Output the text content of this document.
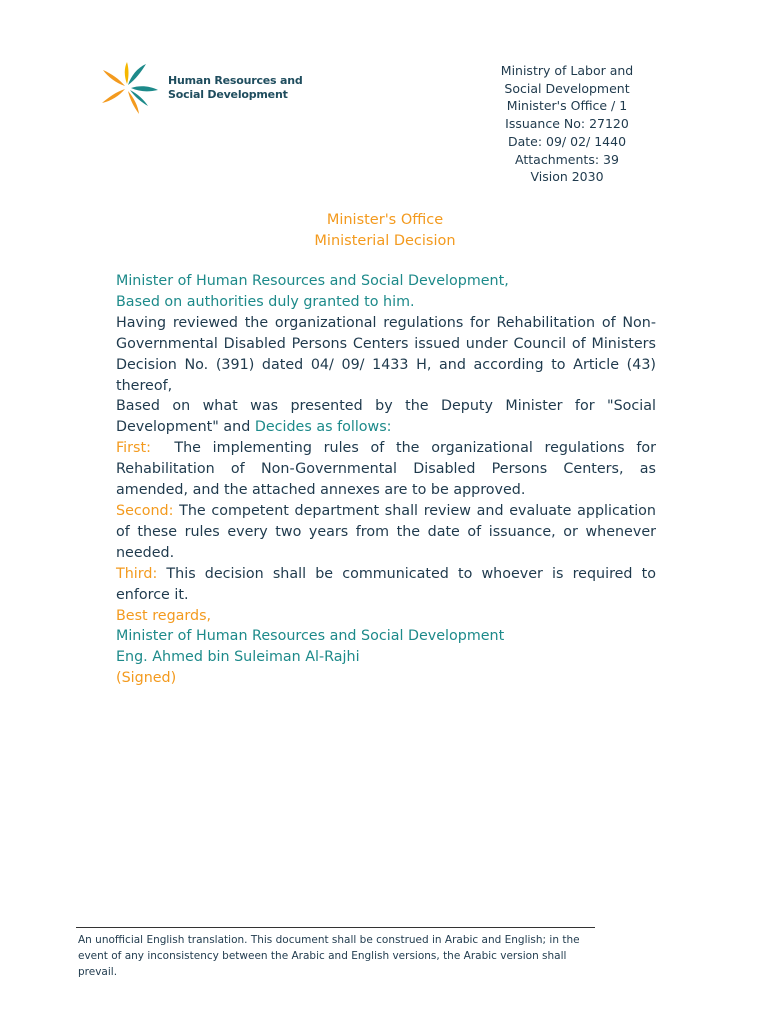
Human Resources and
Social Development
Ministry of Labor and
Social Development
Minister's Office / 1
Issuance No: 27120
Date: 09/ 02/ 1440
Attachments: 39
Vision 2030
Minister's Office
Ministerial Decision

Minister of Human Resources and Social Development,

Based on authorities duly granted to him.

Having reviewed the organizational regulations for Rehabilitation of Non-Governmental Disabled Persons Centers issued under Council of Ministers Decision No. (391) dated 04/ 09/ 1433 H, and according to Article (43) thereof,

Based on what was presented by the Deputy Minister for "Social Development" and Decides as follows:

First:  The implementing rules of the organizational regulations for Rehabilitation of Non-Governmental Disabled Persons Centers, as amended, and the attached annexes are to be approved.

Second: The competent department shall review and evaluate application of these rules every two years from the date of issuance, or whenever needed.

Third: This decision shall be communicated to whoever is required to enforce it.

Best regards,

Minister of Human Resources and Social Development

Eng. Ahmed bin Suleiman Al-Rajhi

(Signed)

An unofficial English translation. This document shall be construed in Arabic and English; in the event of any inconsistency between the Arabic and English versions, the Arabic version shall prevail.
